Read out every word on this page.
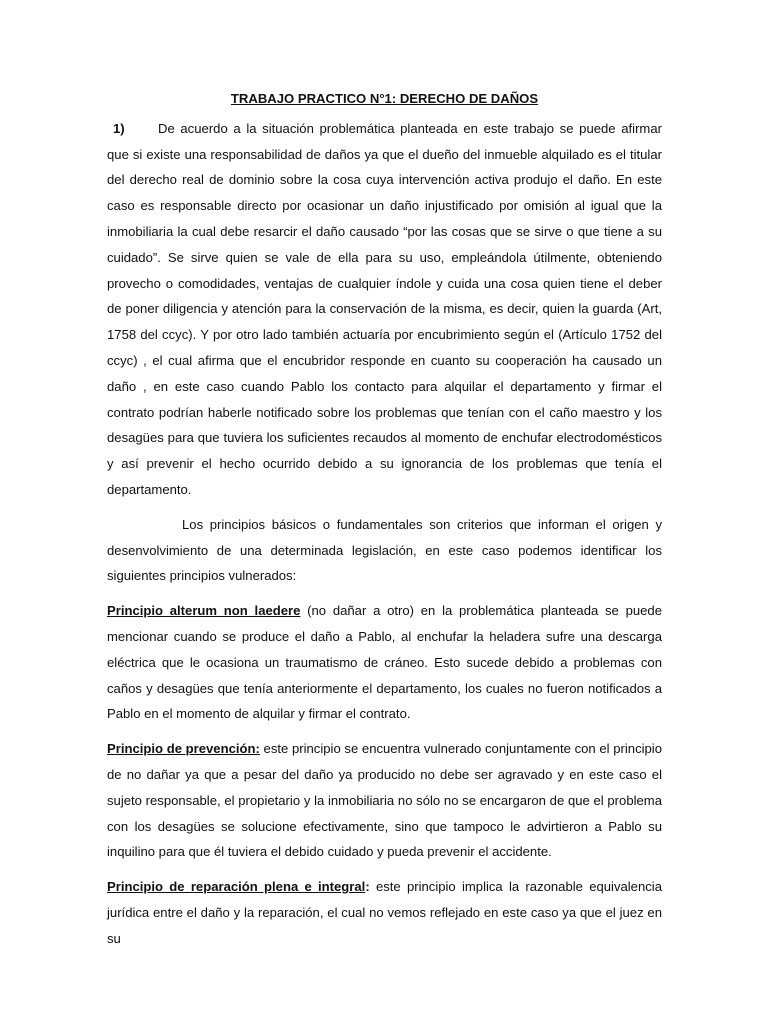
TRABAJO PRACTICO N°1: DERECHO DE DAÑOS

1)	De acuerdo a la situación problemática planteada en este trabajo se puede afirmar que si existe una responsabilidad de daños ya que el dueño del inmueble alquilado es el titular del derecho real de dominio sobre la cosa cuya intervención activa produjo el daño. En este caso es responsable directo por ocasionar un daño injustificado por omisión al igual que la inmobiliaria la cual debe resarcir el daño causado “por las cosas que se sirve o que tiene a su cuidado”. Se sirve quien se vale de ella para su uso, empleándola útilmente, obteniendo provecho o comodidades, ventajas de cualquier índole y cuida una cosa quien tiene el deber de poner diligencia y atención para la conservación de la misma, es decir, quien la guarda (Art, 1758 del ccyc). Y por otro lado también actuaría por encubrimiento según el (Artículo 1752 del ccyc) , el cual afirma que el encubridor responde en cuanto su cooperación ha causado un daño , en este caso cuando Pablo los contacto para alquilar el departamento y firmar el contrato podrían haberle notificado sobre los problemas que tenían con el caño maestro y los desagües para que tuviera los suficientes recaudos al momento de enchufar electrodomésticos y así prevenir el hecho ocurrido debido a su ignorancia de los problemas que tenía el departamento.

Los principios básicos o fundamentales son criterios que informan el origen y desenvolvimiento de una determinada legislación, en este caso podemos identificar los siguientes principios vulnerados:

Principio alterum non laedere (no dañar a otro) en la problemática planteada se puede mencionar cuando se produce el daño a Pablo, al enchufar la heladera sufre una descarga eléctrica que le ocasiona un traumatismo de cráneo. Esto sucede debido a problemas con caños y desagües que tenía anteriormente el departamento, los cuales no fueron notificados a Pablo en el momento de alquilar y firmar el contrato.

Principio de prevención: este principio se encuentra vulnerado conjuntamente con el principio de no dañar ya que a pesar del daño ya producido no debe ser agravado y en este caso el sujeto responsable, el propietario y la inmobiliaria no sólo no se encargaron de que el problema con los desagües se solucione efectivamente, sino que tampoco le advirtieron a Pablo su inquilino para que él tuviera el debido cuidado y pueda prevenir el accidente.

Principio de reparación plena e integral: este principio implica la razonable equivalencia jurídica entre el daño y la reparación, el cual no vemos reflejado en este caso ya que el juez en su
